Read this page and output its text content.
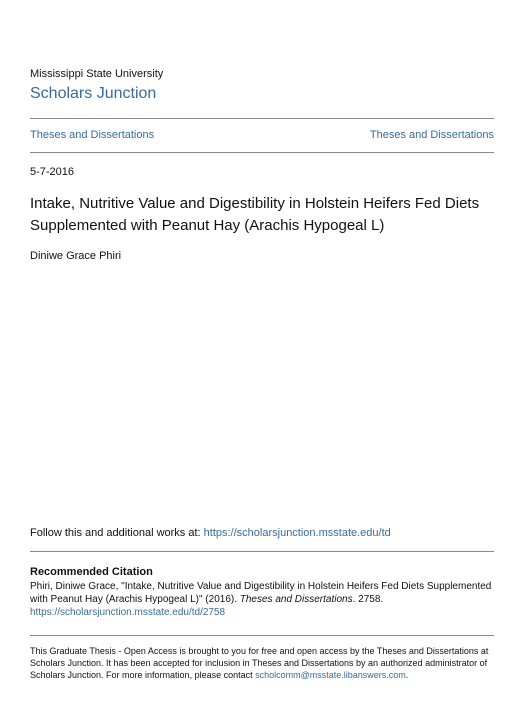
Mississippi State University
Scholars Junction
Theses and Dissertations	Theses and Dissertations
5-7-2016
Intake, Nutritive Value and Digestibility in Holstein Heifers Fed Diets Supplemented with Peanut Hay (Arachis Hypogeal L)
Diniwe Grace Phiri
Follow this and additional works at: https://scholarsjunction.msstate.edu/td
Recommended Citation
Phiri, Diniwe Grace, "Intake, Nutritive Value and Digestibility in Holstein Heifers Fed Diets Supplemented with Peanut Hay (Arachis Hypogeal L)" (2016). Theses and Dissertations. 2758.
https://scholarsjunction.msstate.edu/td/2758
This Graduate Thesis - Open Access is brought to you for free and open access by the Theses and Dissertations at Scholars Junction. It has been accepted for inclusion in Theses and Dissertations by an authorized administrator of Scholars Junction. For more information, please contact scholcomm@msstate.libanswers.com.
